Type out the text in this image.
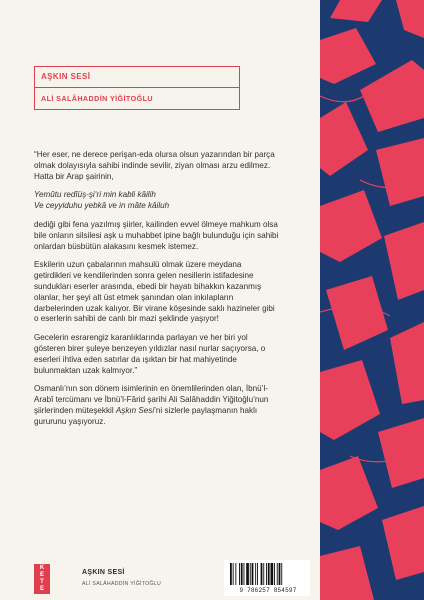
AŞKIN SESİ
ALİ SALÂHADDİN YİĞİTOĞLU

“Her eser, ne derece perişan-eda olursa olsun yazarından bir parça olmak dolayısıyla sahibi indinde sevilir, ziyan olması arzu edilmez. Hatta bir Arap şairinin,

Yemûtu redîüş-şi‘ri min kabli kâilih
Ve ceyyiduhu yebkâ ve in mâte kâiluh

dediği gibi fena yazılmış şiirler, kailinden evvel ölmeye mahkum olsa bile onların silsilesi aşk u muhabbet ipine bağlı bulunduğu için sahibi onlardan büsbütün alakasını kesmek istemez.

Eskilerin uzun çabalarının mahsulü olmak üzere meydana getirdikleri ve kendilerinden sonra gelen nesillerin istifadesine sundukları eserler arasında, ebedi bir hayatı bihakkın kazanmış olanlar, her şeyi alt üst etmek şanından olan inkılapların darbelerinden uzak kalıyor. Bir virane köşesinde saklı hazineler gibi o eserlerin sahibi de canlı bir mazi şeklinde yaşıyor!

Gecelerin esrarengiz karanlıklarında parlayan ve her biri yol gösteren birer şuleye benzeyen yıldızlar nasıl nurlar saçıyorsa, o eserleri ihtiva eden satırlar da ışıktan bir hat mahiyetinde bulunmaktan uzak kalmıyor.”

Osmanlı’nın son dönem isimlerinin en önemlilerinden olan, İbnü’l-Arabî tercümanı ve İbnü’l-Fârid şarihi Ali Salâhaddin Yiğitoğlu’nun şiirlerinden müteşekkil Aşkın Sesi’ni sizlerle paylaşmanın haklı gururunu yaşıyoruz.

K
E
T
E
AŞKIN SESİ
ALİ SALÂHADDİN YİĞİTOĞLU
9 786257 854597
